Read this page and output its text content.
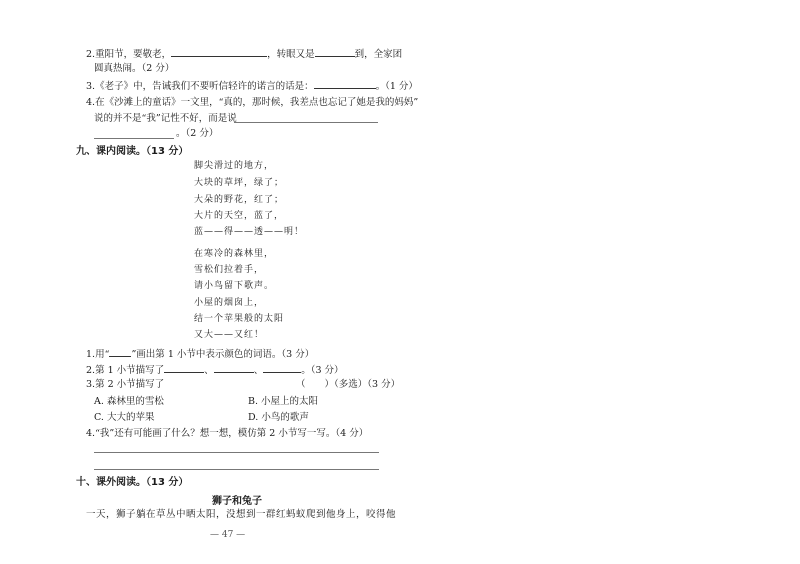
2.重阳节，要敬老，	，转眼又是	到，全家团
圆真热闹。（2 分）
3.《老子》中，告诫我们不要听信轻许的诺言的话是：	。（1 分）
4.在《沙滩上的童话》一文里，“真的，那时候，我差点也忘记了她是我的妈妈”
说的并不是“我”记性不好，而是说
。（2 分）
九、课内阅读。（13 分）
脚尖滑过的地方，
大块的草坪，绿了；
大朵的野花，红了；
大片的天空，蓝了，
蓝——得——透——明！
在寒冷的森林里，
雪松们拉着手，
请小鸟留下歌声。
小屋的烟囱上，
结一个苹果般的太阳
又大——又红！
1.用“ ”画出第 1 小节中表示颜色的词语。（3 分）
2.第 1 小节描写了	、	、	。（3 分）
3.第 2 小节描写了	（　　）（多选）（3 分）
A. 森林里的雪松	B. 小屋上的太阳
C. 大大的苹果	D. 小鸟的歌声
4.“我”还有可能画了什么？想一想，模仿第 2 小节写一写。（4 分）
十、课外阅读。（13 分）
狮子和兔子
一天，狮子躺在草丛中晒太阳，没想到一群红蚂蚁爬到他身上，咬得他
— 47 —
